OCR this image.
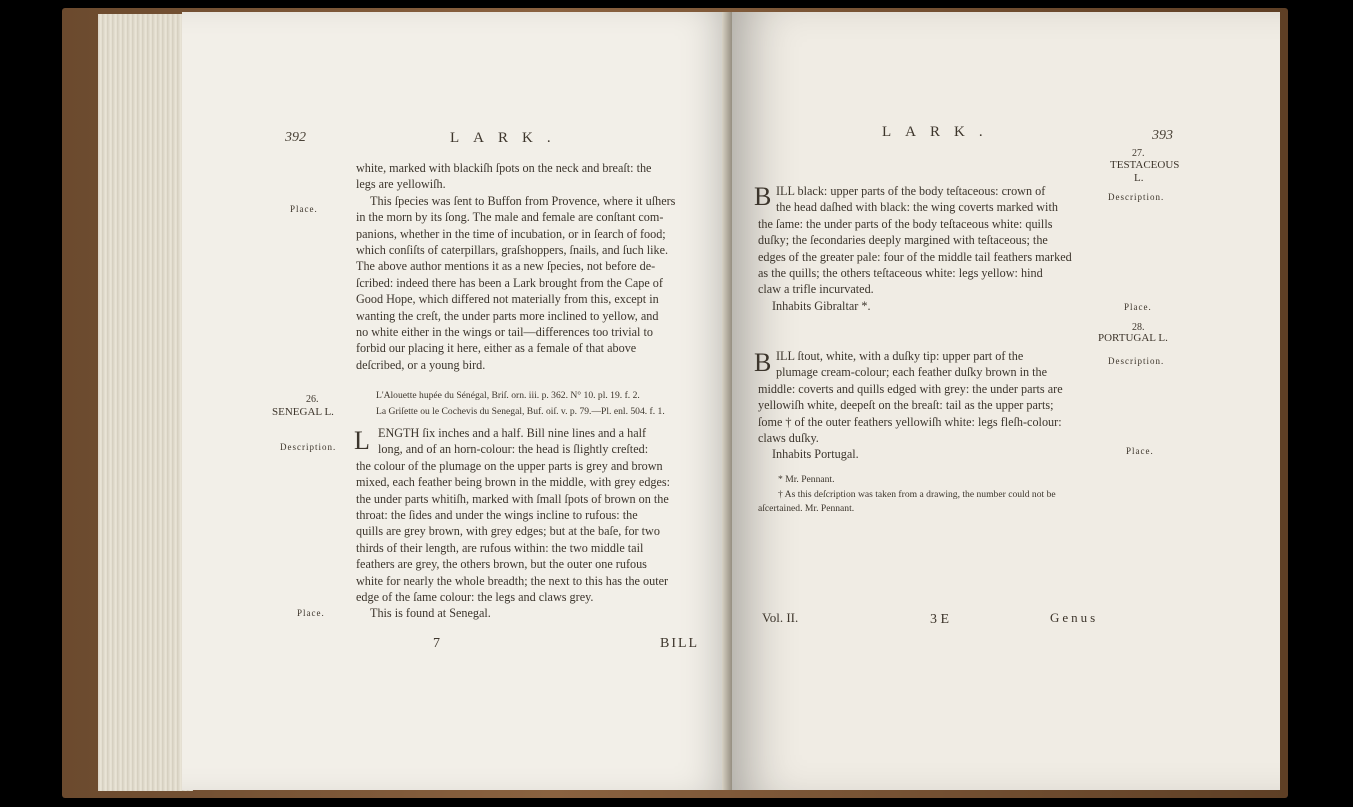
392	LARK.
Place.
26.
SENEGAL L.
Description.
Place.
white, marked with blackiſh ſpots on the neck and breaſt: the
legs are yellowiſh.
This ſpecies was ſent to Buffon from Provence, where it uſhers
in the morn by its ſong. The male and female are conſtant com-
panions, whether in the time of incubation, or in ſearch of food;
which conſiſts of caterpillars, graſshoppers, ſnails, and ſuch like.
The above author mentions it as a new ſpecies, not before de-
ſcribed: indeed there has been a Lark brought from the Cape of
Good Hope, which differed not materially from this, except in
wanting the creſt, the under parts more inclined to yellow, and
no white either in the wings or tail—differences too trivial to
forbid our placing it here, either as a female of that above
deſcribed, or a young bird.
L'Alouette hupée du Sénégal, Briſ. orn. iii. p. 362. N° 10. pl. 19. f. 2.
La Griſette ou le Cochevis du Senegal, Buf. oiſ. v. p. 79.—Pl. enl. 504. f. 1.
L ENGTH ſix inches and a half. Bill nine lines and a half
long, and of an horn-colour: the head is ſlightly creſted:
the colour of the plumage on the upper parts is grey and brown
mixed, each feather being brown in the middle, with grey edges:
the under parts whitiſh, marked with ſmall ſpots of brown on the
throat: the ſides and under the wings incline to rufous: the
quills are grey brown, with grey edges; but at the baſe, for two
thirds of their length, are rufous within: the two middle tail
feathers are grey, the others brown, but the outer one rufous
white for nearly the whole breadth; the next to this has the outer
edge of the ſame colour: the legs and claws grey.
This is found at Senegal.
7	BILL
LARK.	393
27.
TESTACEOUS
L.
Description.
Place.
28.
PORTUGAL L.
Description.
Place.
B ILL black: upper parts of the body teſtaceous: crown of
the head daſhed with black: the wing coverts marked with
the ſame: the under parts of the body teſtaceous white: quills
duſky; the ſecondaries deeply margined with teſtaceous; the
edges of the greater pale: four of the middle tail feathers marked
as the quills; the others teſtaceous white: legs yellow: hind
claw a trifle incurvated.
Inhabits Gibraltar *.
B ILL ſtout, white, with a duſky tip: upper part of the
plumage cream-colour; each feather duſky brown in the
middle: coverts and quills edged with grey: the under parts are
yellowiſh white, deepeſt on the breaſt: tail as the upper parts;
ſome † of the outer feathers yellowiſh white: legs fleſh-colour:
claws duſky.
Inhabits Portugal.
* Mr. Pennant.
† As this deſcription was taken from a drawing, the number could not be
aſcertained. Mr. Pennant.
Vol. II.	3 E	Genus
